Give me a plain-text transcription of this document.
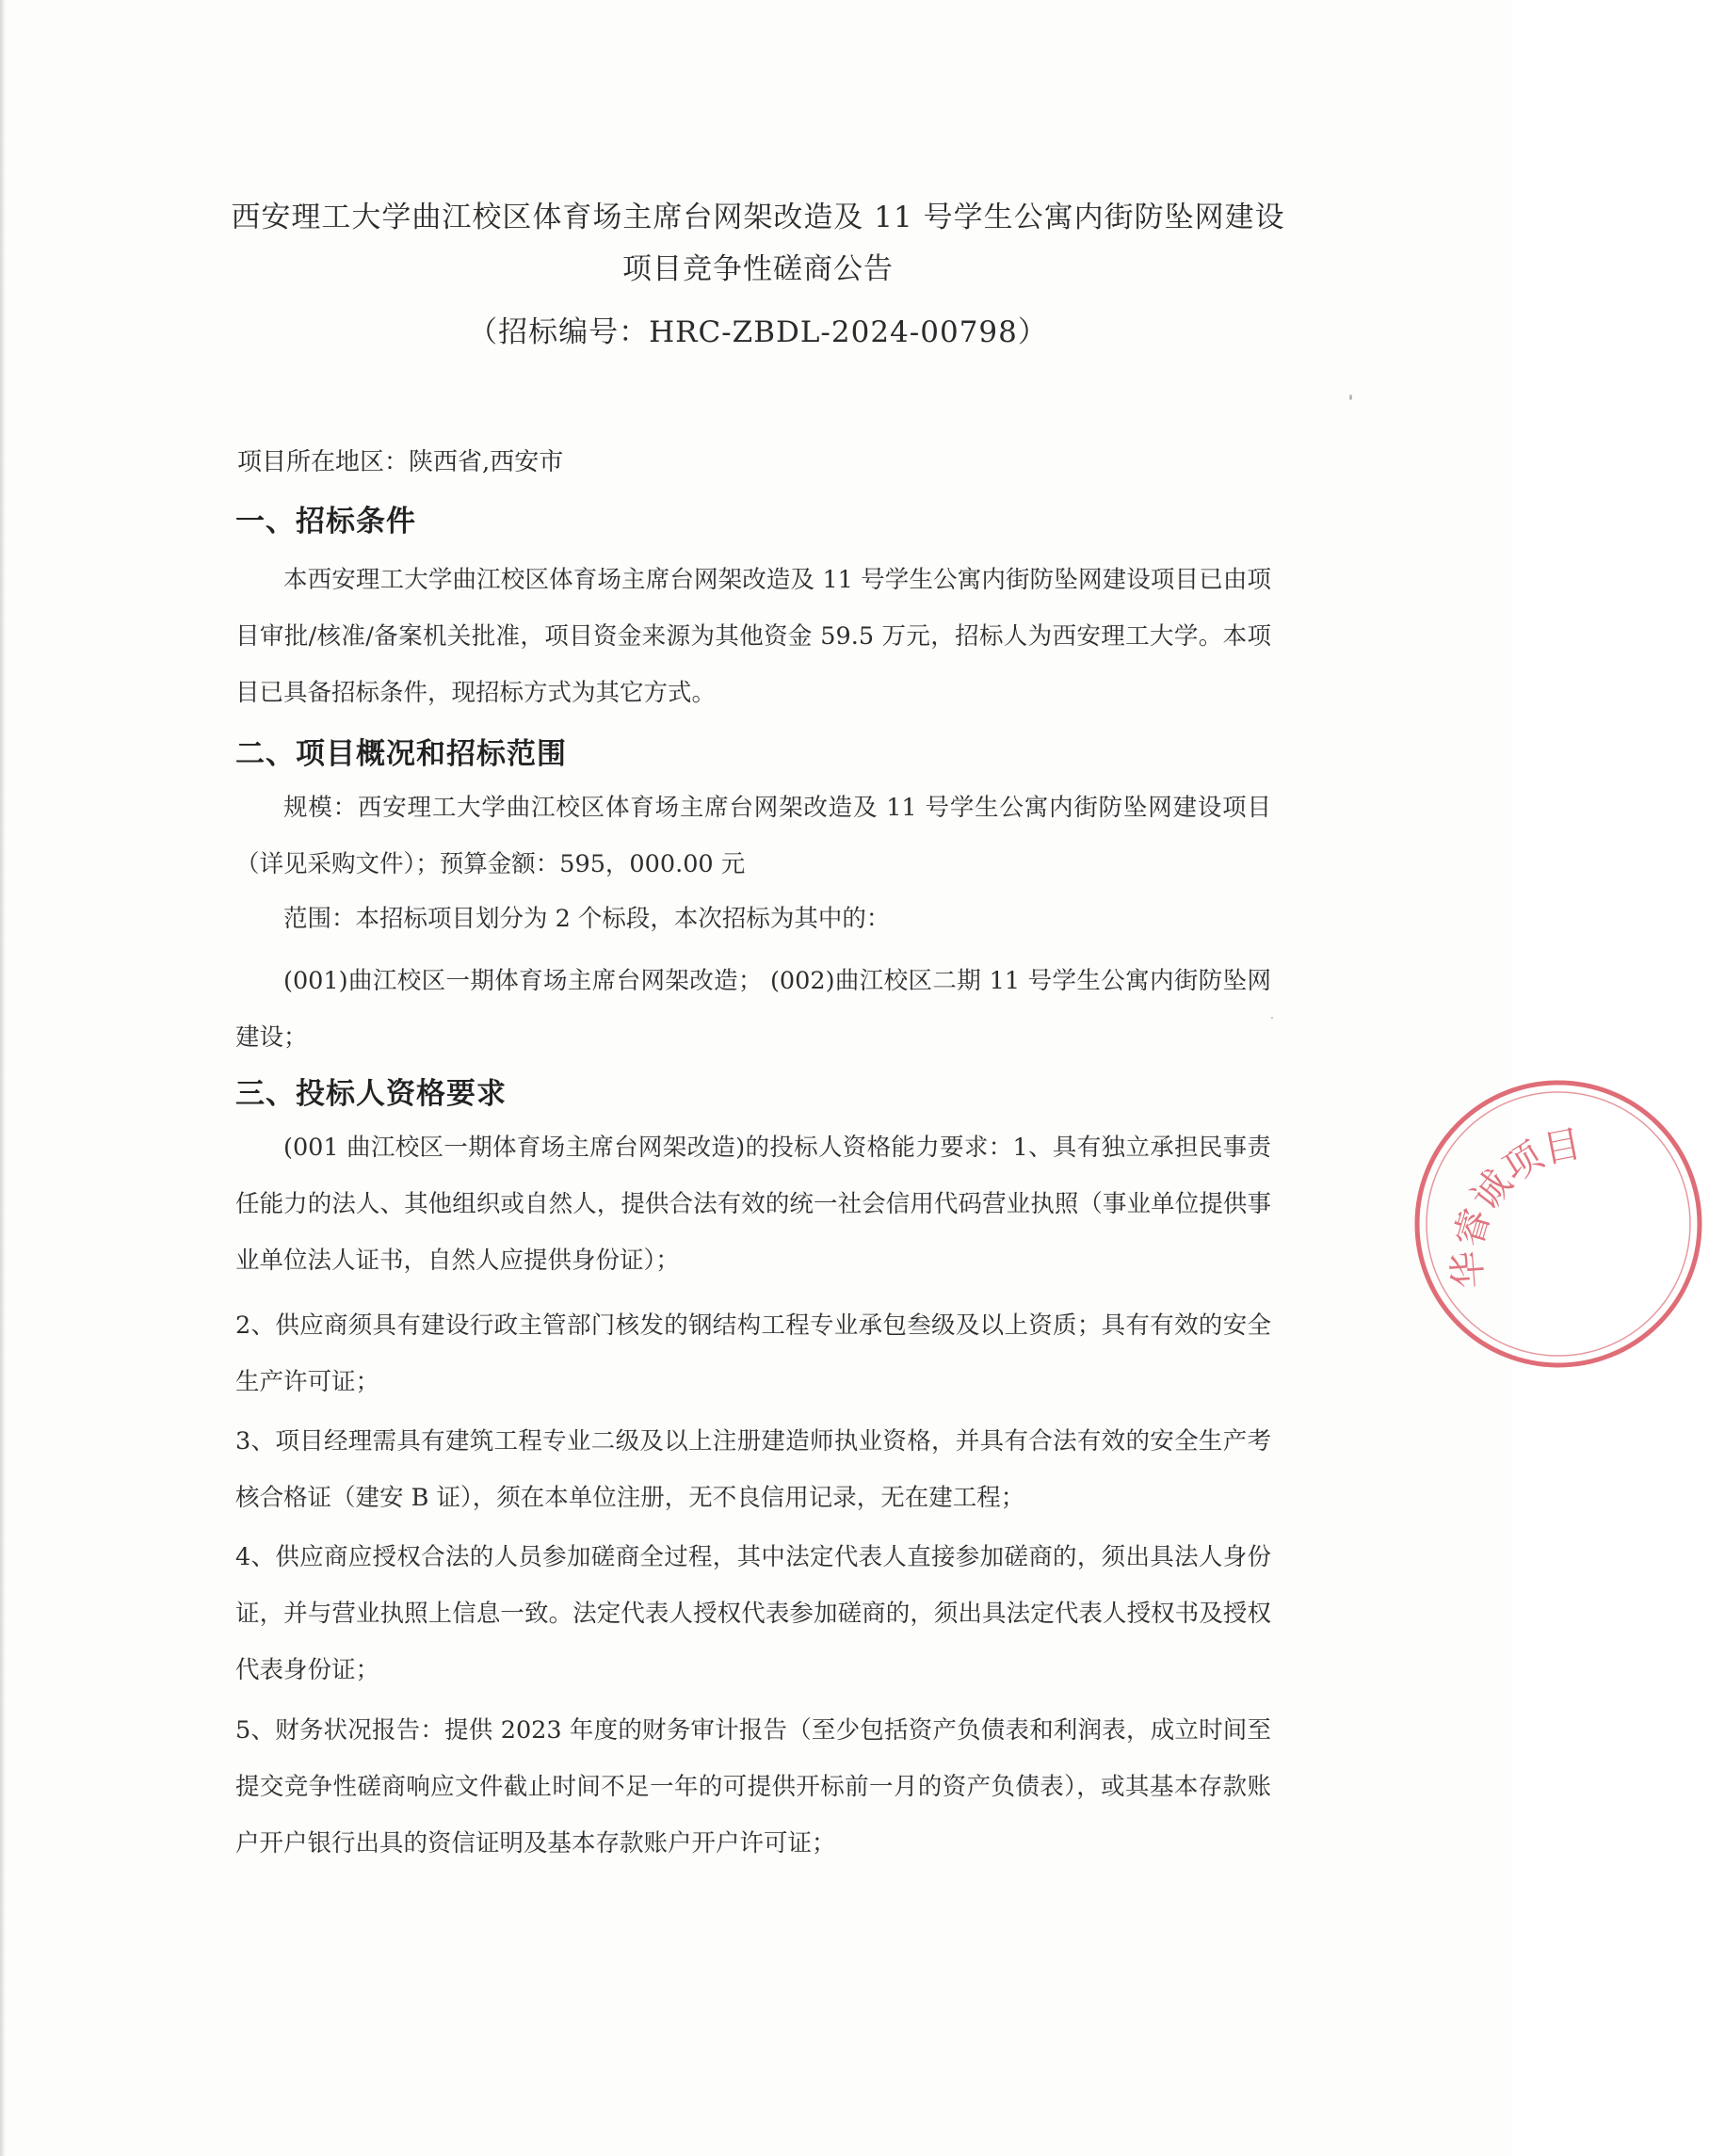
西安理工大学曲江校区体育场主席台网架改造及 11 号学生公寓内街防坠网建设
项目竞争性磋商公告
（招标编号：HRC-ZBDL-2024-00798）
项目所在地区：陕西省,西安市
一、招标条件

本西安理工大学曲江校区体育场主席台网架改造及 11 号学生公寓内街防坠网建设项目已由项目审批/核准/备案机关批准，项目资金来源为其他资金 59.5 万元，招标人为西安理工大学。本项目已具备招标条件，现招标方式为其它方式。

二、项目概况和招标范围

规模：西安理工大学曲江校区体育场主席台网架改造及 11 号学生公寓内街防坠网建设项目（详见采购文件）；预算金额：595，000.00 元

范围：本招标项目划分为 2 个标段，本次招标为其中的：

(001)曲江校区一期体育场主席台网架改造； (002)曲江校区二期 11 号学生公寓内街防坠网建设；

三、投标人资格要求

(001 曲江校区一期体育场主席台网架改造)的投标人资格能力要求：1、具有独立承担民事责任能力的法人、其他组织或自然人，提供合法有效的统一社会信用代码营业执照（事业单位提供事业单位法人证书，自然人应提供身份证）；

2、供应商须具有建设行政主管部门核发的钢结构工程专业承包叁级及以上资质；具有有效的安全生产许可证；

3、项目经理需具有建筑工程专业二级及以上注册建造师执业资格，并具有合法有效的安全生产考核合格证（建安 B 证），须在本单位注册，无不良信用记录，无在建工程；

4、供应商应授权合法的人员参加磋商全过程，其中法定代表人直接参加磋商的，须出具法人身份证，并与营业执照上信息一致。法定代表人授权代表参加磋商的，须出具法定代表人授权书及授权代表身份证；

5、财务状况报告：提供 2023 年度的财务审计报告（至少包括资产负债表和利润表，成立时间至提交竞争性磋商响应文件截止时间不足一年的可提供开标前一月的资产负债表），或其基本存款账户开户银行出具的资信证明及基本存款账户开户许可证；

华睿诚项目
